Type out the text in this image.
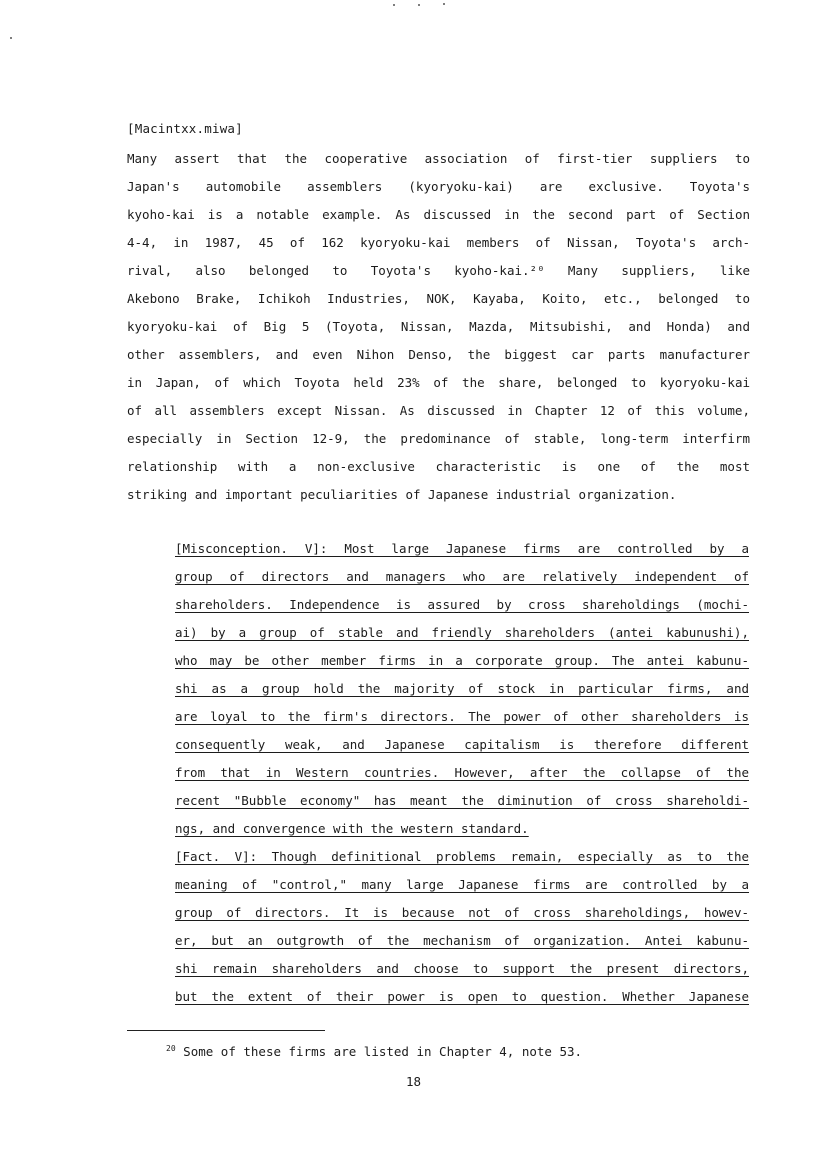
[Macintxx.miwa]
Many assert that the cooperative association of first-tier suppliers to
Japan's automobile assemblers (kyoryoku-kai) are exclusive. Toyota's
kyoho-kai is a notable example. As discussed in the second part of Section
4-4, in 1987, 45 of 162 kyoryoku-kai members of Nissan, Toyota's arch-
rival, also belonged to Toyota's kyoho-kai.²⁰ Many suppliers, like
Akebono Brake, Ichikoh Industries, NOK, Kayaba, Koito, etc., belonged to
kyoryoku-kai of Big 5 (Toyota, Nissan, Mazda, Mitsubishi, and Honda) and
other assemblers, and even Nihon Denso, the biggest car parts manufacturer
in Japan, of which Toyota held 23% of the share, belonged to kyoryoku-kai
of all assemblers except Nissan. As discussed in Chapter 12 of this volume,
especially in Section 12-9, the predominance of stable, long-term interfirm
relationship with a non-exclusive characteristic is one of the most
striking and important peculiarities of Japanese industrial organization.
[Misconception. V]: Most large Japanese firms are controlled by a
group of directors and managers who are relatively independent of
shareholders. Independence is assured by cross shareholdings (mochi-
ai) by a group of stable and friendly shareholders (antei kabunushi),
who may be other member firms in a corporate group. The antei kabunu-
shi as a group hold the majority of stock in particular firms, and
are loyal to the firm's directors. The power of other shareholders is
consequently weak, and Japanese capitalism is therefore different
from that in Western countries. However, after the collapse of the
recent "Bubble economy" has meant the diminution of cross shareholdi-
ngs, and convergence with the western standard.
[Fact. V]: Though definitional problems remain, especially as to the
meaning of "control," many large Japanese firms are controlled by a
group of directors. It is because not of cross shareholdings, howev-
er, but an outgrowth of the mechanism of organization. Antei kabunu-
shi remain shareholders and choose to support the present directors,
but the extent of their power is open to question. Whether Japanese
$^{20}$ Some of these firms are listed in Chapter 4, note 53.
18
